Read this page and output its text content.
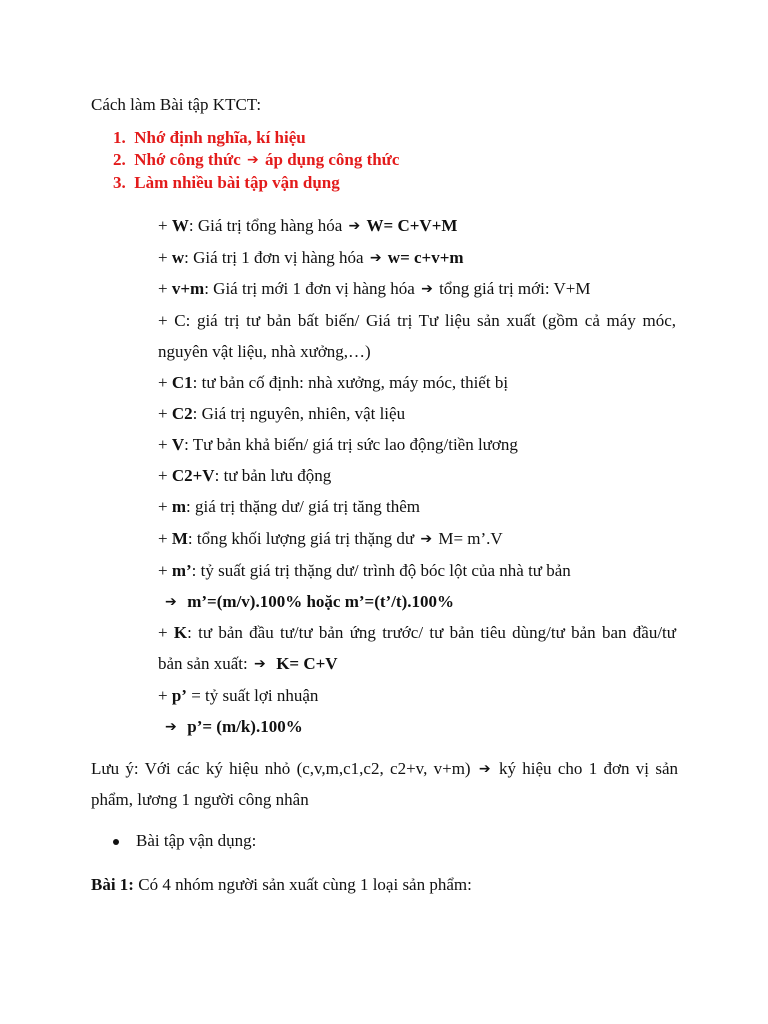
Cách làm Bài tập KTCT:
1. Nhớ định nghĩa, kí hiệu
2. Nhớ công thức ➔ áp dụng công thức
3. Làm nhiều bài tập vận dụng
+ W: Giá trị tổng hàng hóa ➔ W= C+V+M
+ w: Giá trị 1 đơn vị hàng hóa ➔ w= c+v+m
+ v+m: Giá trị mới 1 đơn vị hàng hóa ➔ tổng giá trị mới: V+M
+ C: giá trị tư bản bất biến/ Giá trị Tư liệu sản xuất (gồm cả máy móc,
nguyên vật liệu, nhà xưởng,…)
+ C1: tư bản cố định: nhà xưởng, máy móc, thiết bị
+ C2: Giá trị nguyên, nhiên, vật liệu
+ V: Tư bản khả biến/ giá trị sức lao động/tiền lương
+ C2+V: tư bản lưu động
+ m: giá trị thặng dư/ giá trị tăng thêm
+ M: tổng khối lượng giá trị thặng dư ➔ M= m’.V
+ m’: tỷ suất giá trị thặng dư/ trình độ bóc lột của nhà tư bản
➔ m’=(m/v).100% hoặc m’=(t’/t).100%
+ K: tư bản đầu tư/tư bản ứng trước/ tư bản tiêu dùng/tư bản ban đầu/tư
bản sản xuất: ➔ K= C+V
+ p’ = tỷ suất lợi nhuận
➔ p’= (m/k).100%
Lưu ý: Với các ký hiệu nhỏ (c,v,m,c1,c2, c2+v, v+m) ➔ ký hiệu cho 1 đơn vị sản
phẩm, lương 1 người công nhân
Bài tập vận dụng:
Bài 1: Có 4 nhóm người sản xuất cùng 1 loại sản phẩm:
